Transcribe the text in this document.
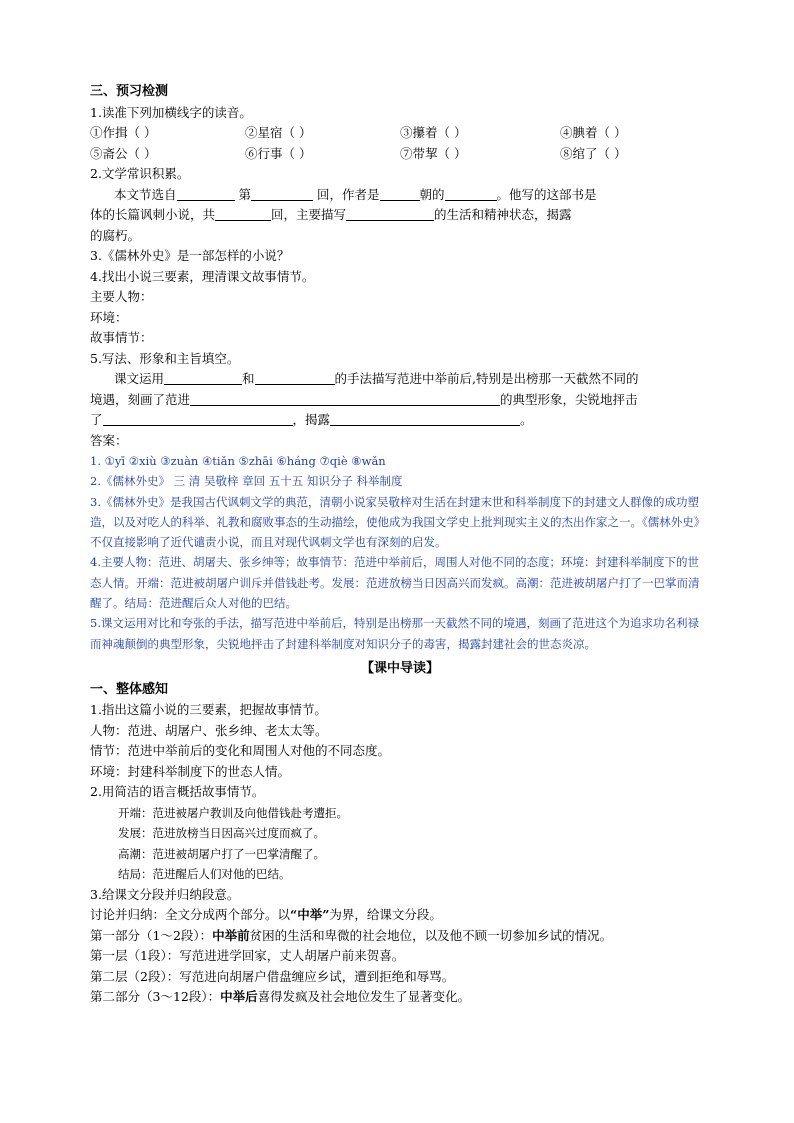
三、预习检测
1.读准下列加横线字的读音。
①作揖（ ）	②星宿（ ）	③攥着（ ）	④腆着（ ）
⑤斋公（ ）	⑥行事（ ）	⑦带挈（ ）	⑧绾了（ ）
2.文学常识积累。
本文节选自	第	回，作者是	朝的	。他写的这部书是
体的长篇讽刺小说，共	回，主要描写	的生活和精神状态，揭露
的腐朽。
3.《儒林外史》是一部怎样的小说？
4.找出小说三要素，理清课文故事情节。
主要人物：
环境：
故事情节：
5.写法、形象和主旨填空。
课文运用	和	的手法描写范进中举前后,特别是出榜那一天截然不同的
境遇，刻画了范进	的典型形象，尖锐地抨击
了	，揭露	。
答案：
1. ①yī ②xiù ③zuàn ④tiǎn ⑤zhāi ⑥háng ⑦qiè ⑧wǎn
2.《儒林外史》 三 清 吴敬梓 章回 五十五 知识分子 科举制度
3.《儒林外史》是我国古代讽刺文学的典范，清朝小说家吴敬梓对生活在封建末世和科举制度下的封建文人群像的成功塑造，以及对吃人的科举、礼教和腐败事态的生动描绘，使他成为我国文学史上批判现实主义的杰出作家之一。《儒林外史》不仅直接影响了近代谴责小说，而且对现代讽刺文学也有深刻的启发。
4.主要人物：范进、胡屠夫、张乡绅等；故事情节：范进中举前后，周围人对他不同的态度；环境：封建科举制度下的世态人情。开端：范进被胡屠户训斥并借钱赴考。发展：范进放榜当日因高兴而发疯。高潮：范进被胡屠户打了一巴掌而清醒了。结局：范进醒后众人对他的巴结。
5.课文运用对比和夸张的手法，描写范进中举前后，特别是出榜那一天截然不同的境遇，刻画了范进这个为追求功名利禄而神魂颠倒的典型形象，尖锐地抨击了封建科举制度对知识分子的毒害，揭露封建社会的世态炎凉。
【课中导读】
一、整体感知
1.指出这篇小说的三要素，把握故事情节。
人物：范进、胡屠户、张乡绅、老太太等。
情节：范进中举前后的变化和周围人对他的不同态度。
环境：封建科举制度下的世态人情。
2.用简洁的语言概括故事情节。
开端：范进被屠户教训及向他借钱赴考遭拒。
发展：范进放榜当日因高兴过度而疯了。
高潮：范进被胡屠户打了一巴掌清醒了。
结局：范进醒后人们对他的巴结。
3.给课文分段并归纳段意。
讨论并归纳：全文分成两个部分。以“中举”为界，给课文分段。
第一部分（1～2段）：中举前贫困的生活和卑微的社会地位，以及他不顾一切参加乡试的情况。
第一层（1段）：写范进进学回家，丈人胡屠户前来贺喜。
第二层（2段）：写范进向胡屠户借盘缠应乡试，遭到拒绝和辱骂。
第二部分（3～12段）：中举后喜得发疯及社会地位发生了显著变化。
